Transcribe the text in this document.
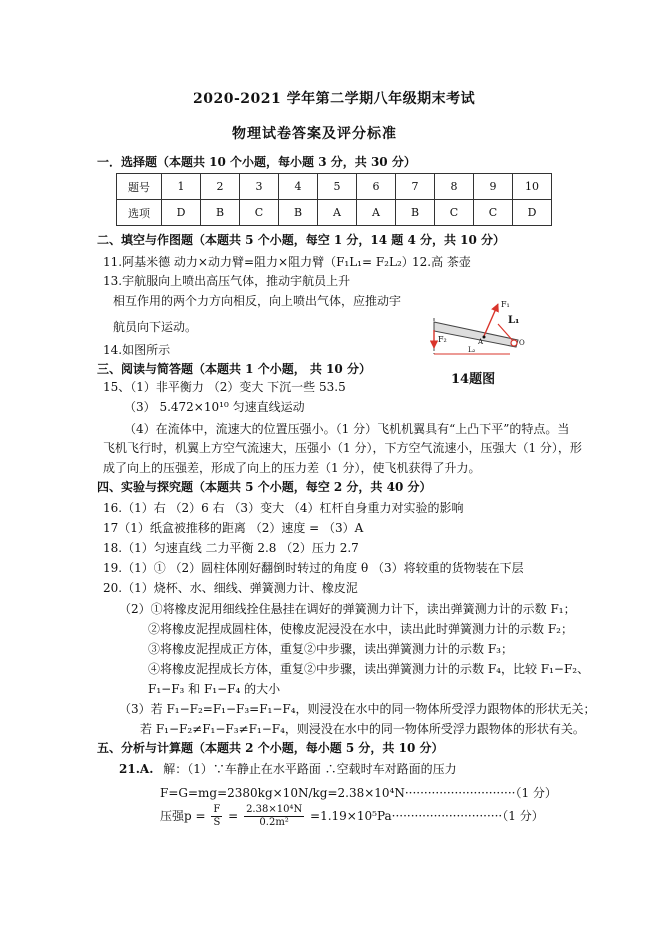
2020-2021 学年第二学期八年级期末考试
物理试卷答案及评分标准
一．选择题（本题共 10 个小题，每小题 3 分，共 30 分）
题号	1	2	3	4	5	6	7	8	9	10
选项	D	B	C	B	A	A	B	C	C	D
二、填空与作图题（本题共 5 个小题，每空 1 分，14 题 4 分，共 10 分）
11.阿基米德 动力×动力臂=阻力×阻力臂（F₁L₁= F₂L₂）
12.高 茶壶
13.宇航服向上喷出高压气体，推动宇航员上升
相互作用的两个力方向相反，向上喷出气体，应推动宇
航员向下运动。
14.如图所示
F₁
L₁
F₂	A	O
L₂
14题图
三、阅读与简答题（本题共 1 个小题， 共 10 分）
15、（1）非平衡力 （2）变大 下沉一些 53.5
（3） 5.472×10¹⁰ 匀速直线运动
（4）在流体中，流速大的位置压强小。（1 分）飞机机翼具有“上凸下平”的特点。当
飞机飞行时，机翼上方空气流速大，压强小（1 分），下方空气流速小，压强大（1 分），形
成了向上的压强差，形成了向上的压力差（1 分），使飞机获得了升力。
四、实验与探究题（本题共 5 个小题，每空 2 分，共 40 分）
16.（1）右 （2）6 右 （3）变大 （4）杠杆自身重力对实验的影响
17（1）纸盒被推移的距离 （2）速度 = （3）A
18.（1）匀速直线 二力平衡 2.8 （2）压力 2.7
19.（1）① （2）圆柱体刚好翻倒时转过的角度 θ （3）将较重的货物装在下层
20.（1）烧杯、水、细线、弹簧测力计、橡皮泥
（2）①将橡皮泥用细线拴住悬挂在调好的弹簧测力计下，读出弹簧测力计的示数 F₁；
②将橡皮泥捏成圆柱体，使橡皮泥浸没在水中，读出此时弹簧测力计的示数 F₂；
③将橡皮泥捏成正方体，重复②中步骤，读出弹簧测力计的示数 F₃；
④将橡皮泥捏成长方体，重复②中步骤，读出弹簧测力计的示数 F₄，比较 F₁−F₂、
F₁−F₃ 和 F₁−F₄ 的大小
（3）若 F₁−F₂=F₁−F₃=F₁−F₄，则浸没在水中的同一物体所受浮力跟物体的形状无关；
若 F₁−F₂≠F₁−F₃≠F₁−F₄，则浸没在水中的同一物体所受浮力跟物体的形状有关。
五、分析与计算题（本题共 2 个小题，每小题 5 分，共 10 分）
21.A. 解：（1）∵车静止在水平路面 ∴空载时车对路面的压力
F=G=mg=2380kg×10N/kg=2.38×10⁴N·····························（1 分）
压强$p = \frac{F}{S} = \frac{\text{2.38×10⁴N}}{\text{0.2m²}} =1.19\times 10^5Pa\cdot\cdot\cdot\cdot\cdot\cdot\cdot\cdot\cdot\cdot\cdot\cdot\cdot\cdot\cdot\cdot\cdot\cdot\cdot\cdot\cdot\cdot\cdot\cdot\cdot\cdot\cdot\cdot\cdot(1$ 分）
